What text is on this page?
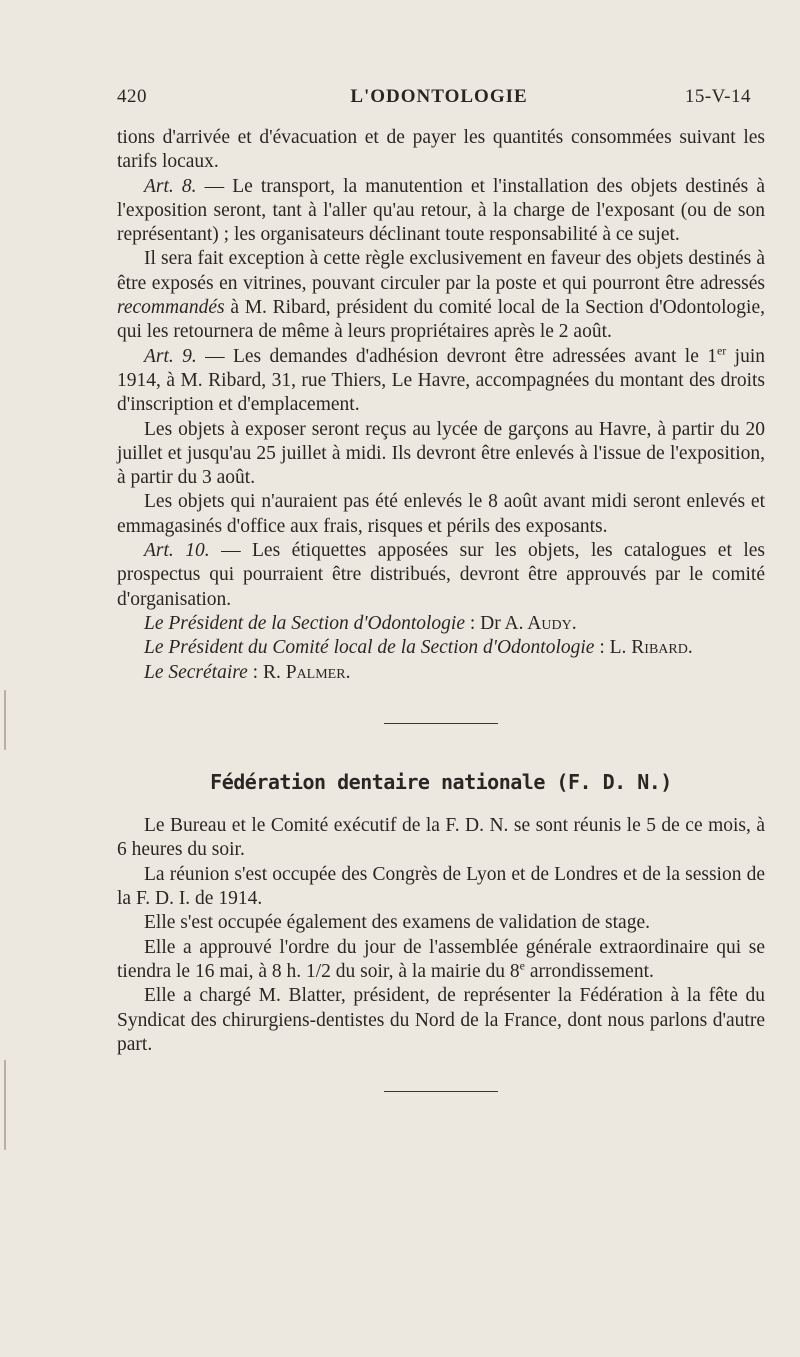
420	L'ODONTOLOGIE	15-V-14

tions d'arrivée et d'évacuation et de payer les quantités consommées suivant les tarifs locaux.

Art. 8. — Le transport, la manutention et l'installation des objets destinés à l'exposition seront, tant à l'aller qu'au retour, à la charge de l'exposant (ou de son représentant) ; les organisateurs déclinant toute responsabilité à ce sujet.

Il sera fait exception à cette règle exclusivement en faveur des objets destinés à être exposés en vitrines, pouvant circuler par la poste et qui pourront être adressés recommandés à M. Ribard, président du comité local de la Section d'Odontologie, qui les retournera de même à leurs propriétaires après le 2 août.

Art. 9. — Les demandes d'adhésion devront être adressées avant le 1er juin 1914, à M. Ribard, 31, rue Thiers, Le Havre, accompagnées du montant des droits d'inscription et d'emplacement.

Les objets à exposer seront reçus au lycée de garçons au Havre, à partir du 20 juillet et jusqu'au 25 juillet à midi. Ils devront être enlevés à l'issue de l'exposition, à partir du 3 août.

Les objets qui n'auraient pas été enlevés le 8 août avant midi seront enlevés et emmagasinés d'office aux frais, risques et périls des exposants.

Art. 10. — Les étiquettes apposées sur les objets, les catalogues et les prospectus qui pourraient être distribués, devront être approuvés par le comité d'organisation.

Le Président de la Section d'Odontologie : Dr A. Audy.

Le Président du Comité local de la Section d'Odontologie : L. Ribard.

Le Secrétaire : R. Palmer.

Fédération dentaire nationale (F. D. N.)

Le Bureau et le Comité exécutif de la F. D. N. se sont réunis le 5 de ce mois, à 6 heures du soir.

La réunion s'est occupée des Congrès de Lyon et de Londres et de la session de la F. D. I. de 1914.

Elle s'est occupée également des examens de validation de stage.

Elle a approuvé l'ordre du jour de l'assemblée générale extraordinaire qui se tiendra le 16 mai, à 8 h. 1/2 du soir, à la mairie du 8e arrondissement.

Elle a chargé M. Blatter, président, de représenter la Fédération à la fête du Syndicat des chirurgiens-dentistes du Nord de la France, dont nous parlons d'autre part.
